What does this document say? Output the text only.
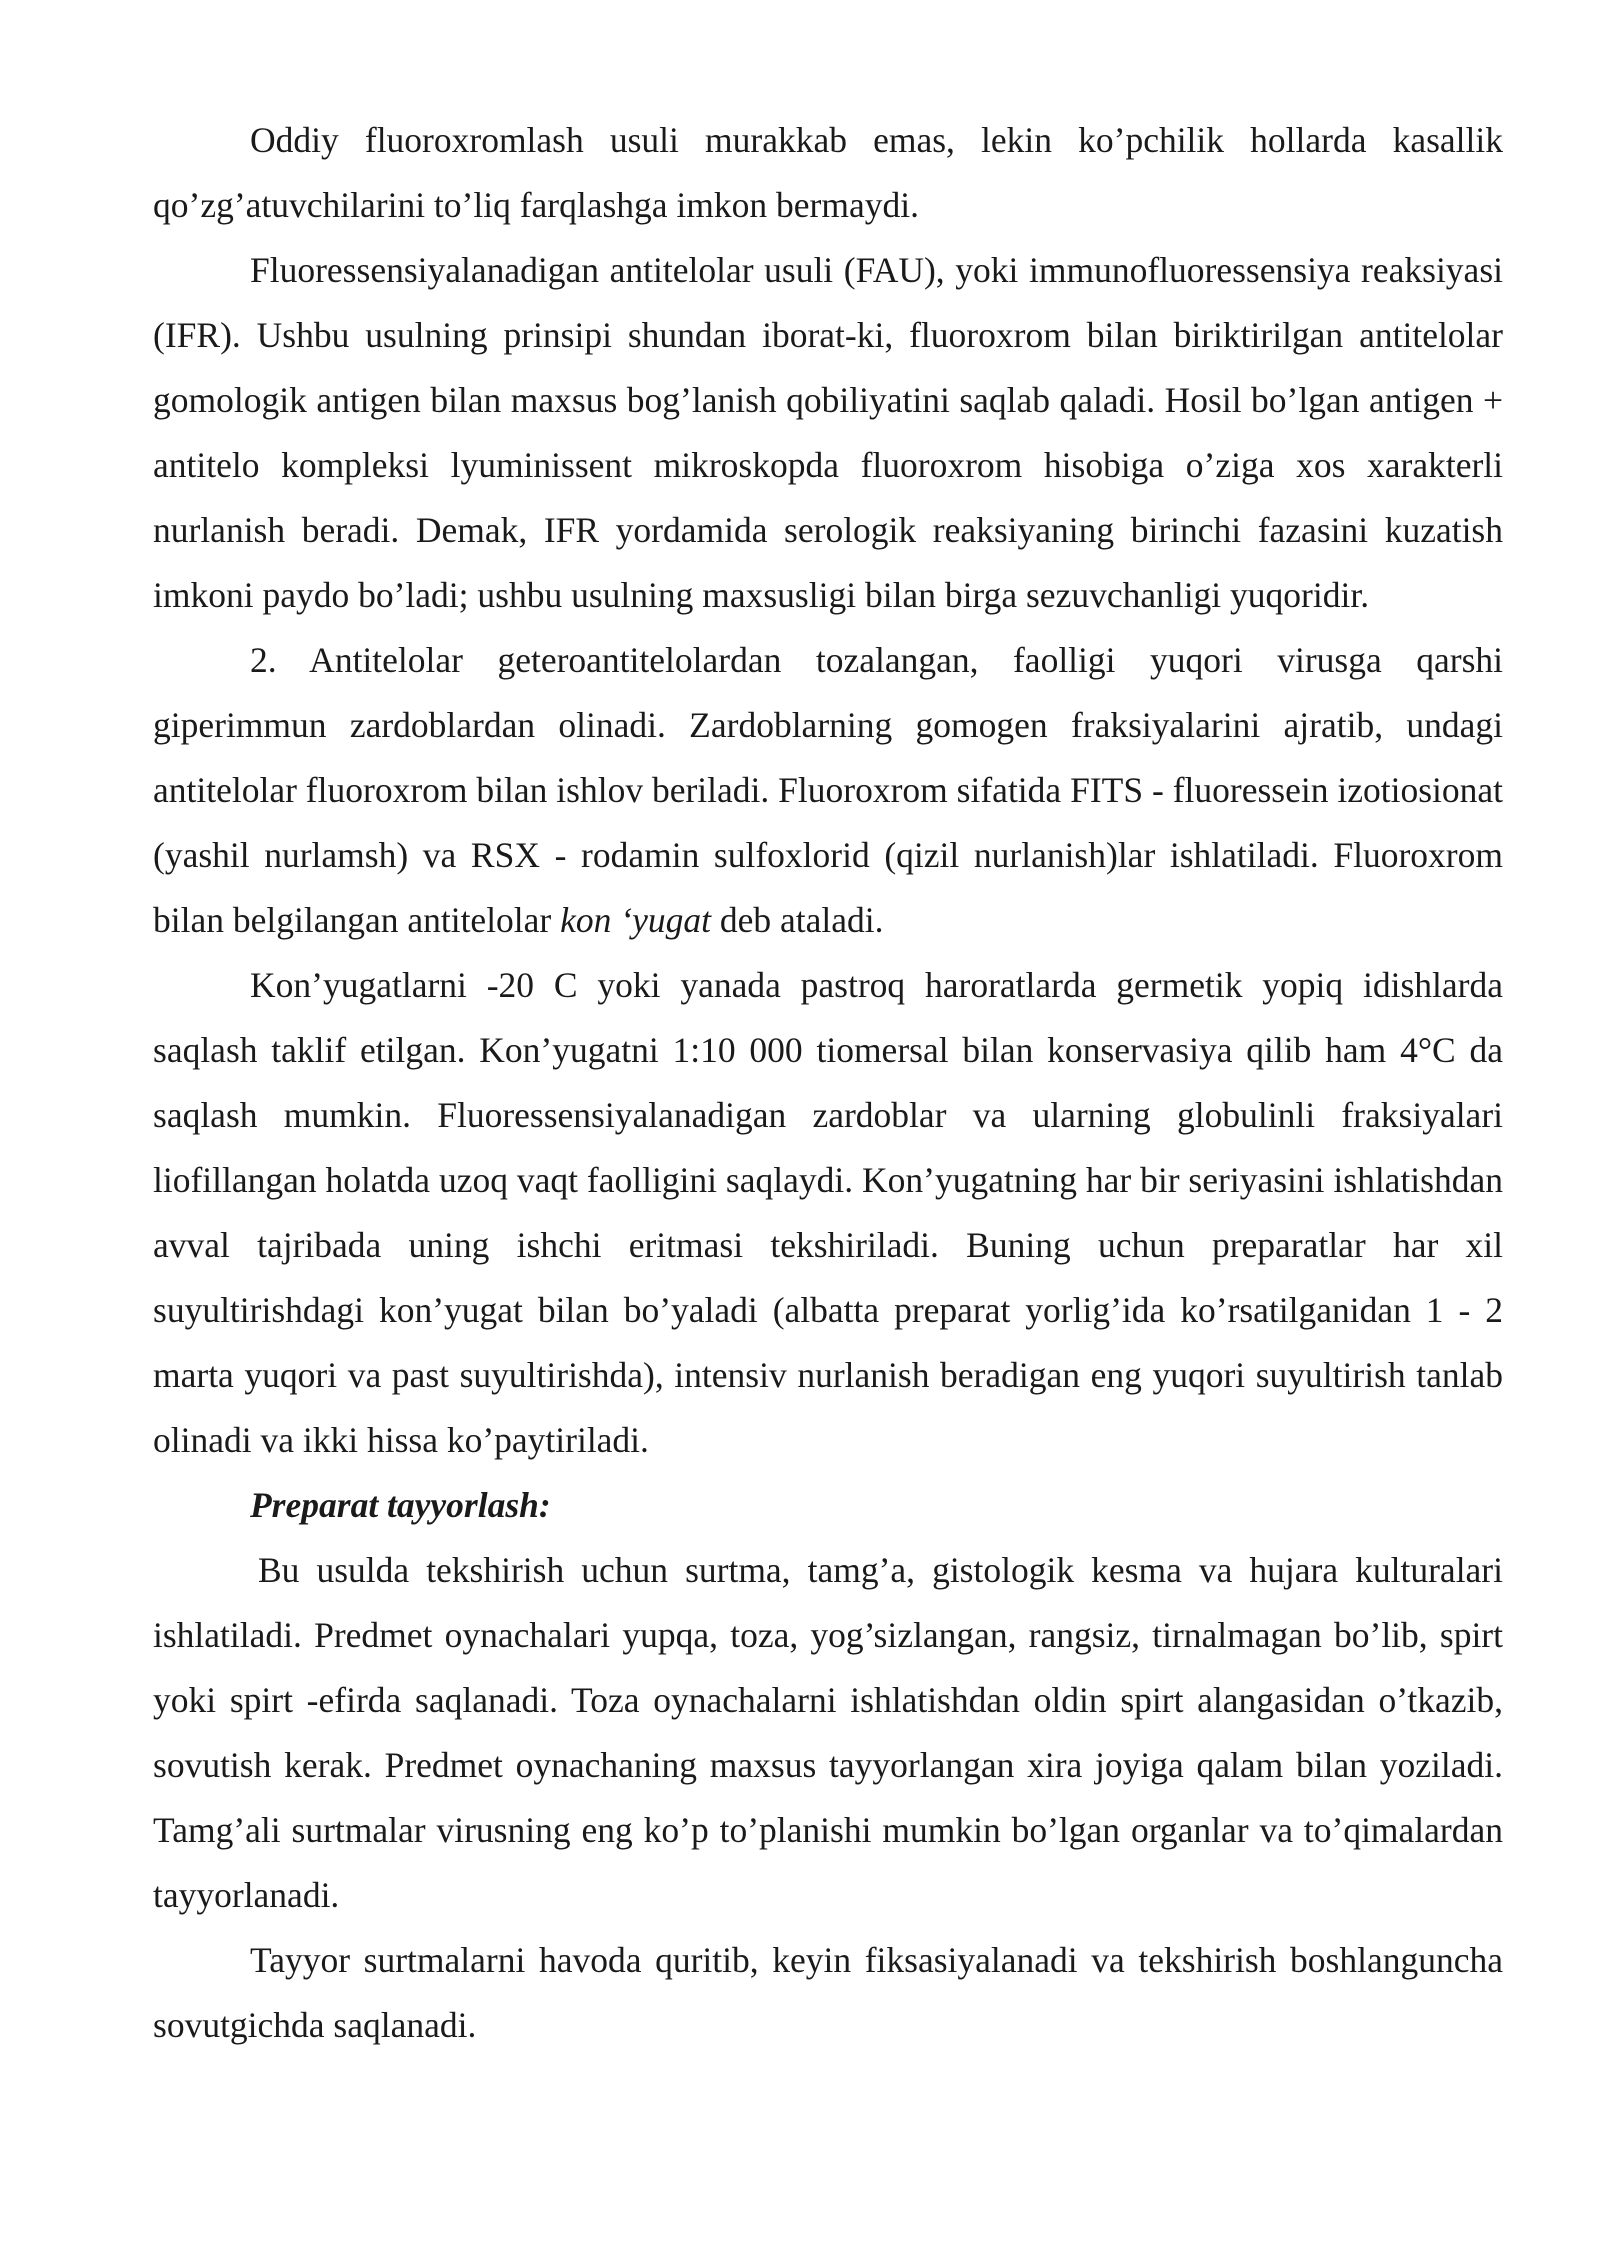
Oddiy fluoroxromlash usuli murakkab emas, lekin ko’pchilik hollarda kasallik qo’zg’atuvchilarini to’liq farqlashga imkon bermaydi.

Fluoressensiyalanadigan antitelolar usuli (FAU), yoki immunofluoressensiya reaksiyasi (IFR). Ushbu usulning prinsipi shundan iborat-ki, fluoroxrom bilan biriktirilgan antitelolar gomologik antigen bilan maxsus bog’lanish qobiliyatini saqlab qaladi. Hosil bo’lgan antigen + antitelo kompleksi lyuminissent mikroskopda fluoroxrom hisobiga o’ziga xos xarakterli nurlanish beradi. Demak, IFR yordamida serologik reaksiyaning birinchi fazasini kuzatish imkoni paydo bo’ladi; ushbu usulning maxsusligi bilan birga sezuvchanligi yuqoridir.

2. Antitelolar geteroantitelolardan tozalangan, faolligi yuqori virusga qarshi giperimmun zardoblardan olinadi. Zardoblarning gomogen fraksiyalarini ajratib, undagi antitelolar fluoroxrom bilan ishlov beriladi. Fluoroxrom sifatida FITS - fluoressein izotiosionat (yashil nurlamsh) va RSX - rodamin sulfoxlorid (qizil nurlanish)lar ishlatiladi. Fluoroxrom bilan belgilangan antitelolar kon ‘yugat deb ataladi.

Kon’yugatlarni -20 C yoki yanada pastroq haroratlarda germetik yopiq idishlarda saqlash taklif etilgan. Kon’yugatni 1:10 000 tiomersal bilan konservasiya qilib ham 4°C da saqlash mumkin. Fluoressensiyalanadigan zardoblar va ularning globulinli fraksiyalari liofillangan holatda uzoq vaqt faolligini saqlaydi. Kon’yugatning har bir seriyasini ishlatishdan avval tajribada uning ishchi eritmasi tekshiriladi. Buning uchun preparatlar har xil suyultirishdagi kon’yugat bilan bo’yaladi (albatta preparat yorlig’ida ko’rsatilganidan 1 - 2 marta yuqori va past suyultirishda), intensiv nurlanish beradigan eng yuqori suyultirish tanlab olinadi va ikki hissa ko’paytiriladi.

Preparat tayyorlash:

Bu usulda tekshirish uchun surtma, tamg’a, gistologik kesma va hujara kulturalari ishlatiladi. Predmet oynachalari yupqa, toza, yog’sizlangan, rangsiz, tirnalmagan bo’lib, spirt yoki spirt -efirda saqlanadi. Toza oynachalarni ishlatishdan oldin spirt alangasidan o’tkazib, sovutish kerak. Predmet oynachaning maxsus tayyorlangan xira joyiga qalam bilan yoziladi. Tamg’ali surtmalar virusning eng ko’p to’planishi mumkin bo’lgan organlar va to’qimalardan tayyorlanadi.

Tayyor surtmalarni havoda quritib, keyin fiksasiyalanadi va tekshirish boshlanguncha sovutgichda saqlanadi.
